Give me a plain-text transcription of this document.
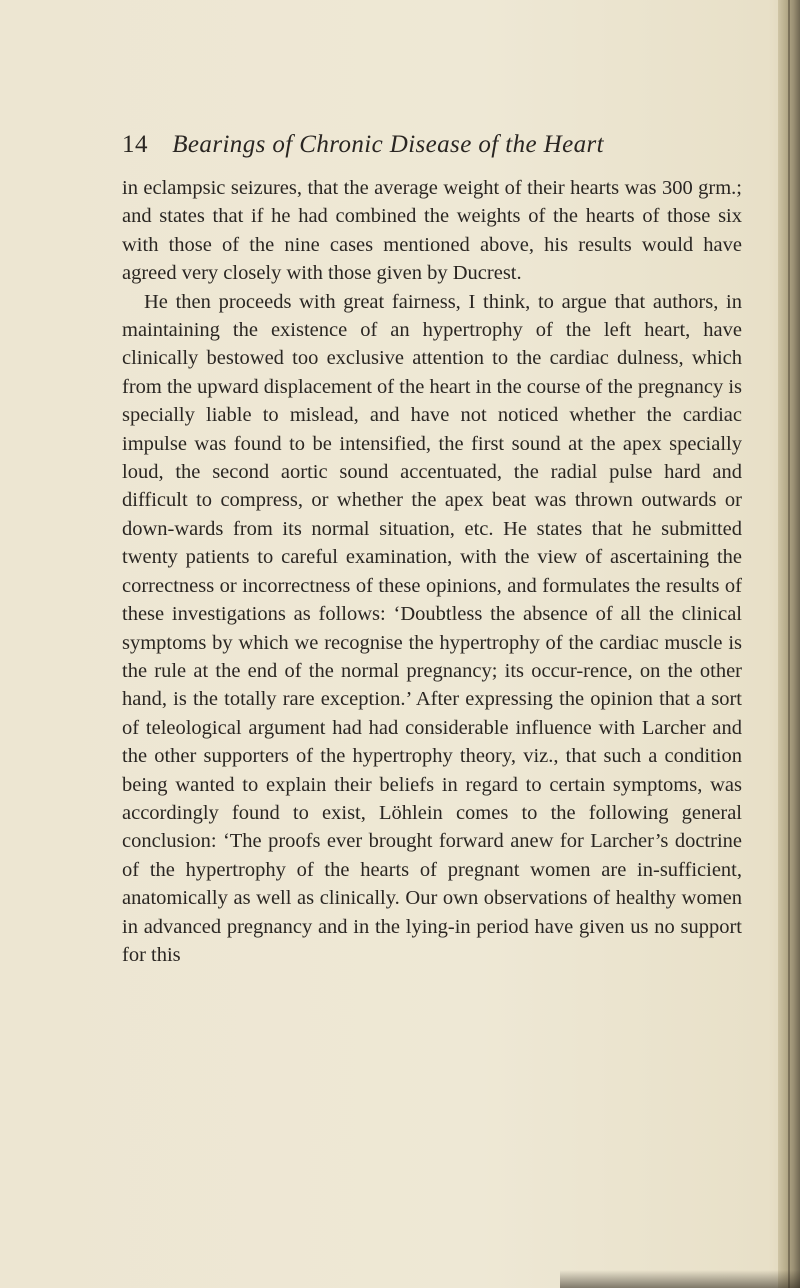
14 Bearings of Chronic Disease of the Heart

in eclampsic seizures, that the average weight of their hearts was 300 grm.; and states that if he had combined the weights of the hearts of those six with those of the nine cases mentioned above, his results would have agreed very closely with those given by Ducrest.

He then proceeds with great fairness, I think, to argue that authors, in maintaining the existence of an hypertrophy of the left heart, have clinically bestowed too exclusive attention to the cardiac dulness, which from the upward displacement of the heart in the course of the pregnancy is specially liable to mislead, and have not noticed whether the cardiac impulse was found to be intensified, the first sound at the apex specially loud, the second aortic sound accentuated, the radial pulse hard and difficult to compress, or whether the apex beat was thrown outwards or down-wards from its normal situation, etc. He states that he submitted twenty patients to careful examination, with the view of ascertaining the correctness or incorrectness of these opinions, and formulates the results of these investigations as follows: ‘Doubtless the absence of all the clinical symptoms by which we recognise the hypertrophy of the cardiac muscle is the rule at the end of the normal pregnancy; its occur-rence, on the other hand, is the totally rare exception.’ After expressing the opinion that a sort of teleological argument had had considerable influence with Larcher and the other supporters of the hypertrophy theory, viz., that such a condition being wanted to explain their beliefs in regard to certain symptoms, was accordingly found to exist, Löhlein comes to the following general conclusion: ‘The proofs ever brought forward anew for Larcher’s doctrine of the hypertrophy of the hearts of pregnant women are in-sufficient, anatomically as well as clinically. Our own observations of healthy women in advanced pregnancy and in the lying-in period have given us no support for this
